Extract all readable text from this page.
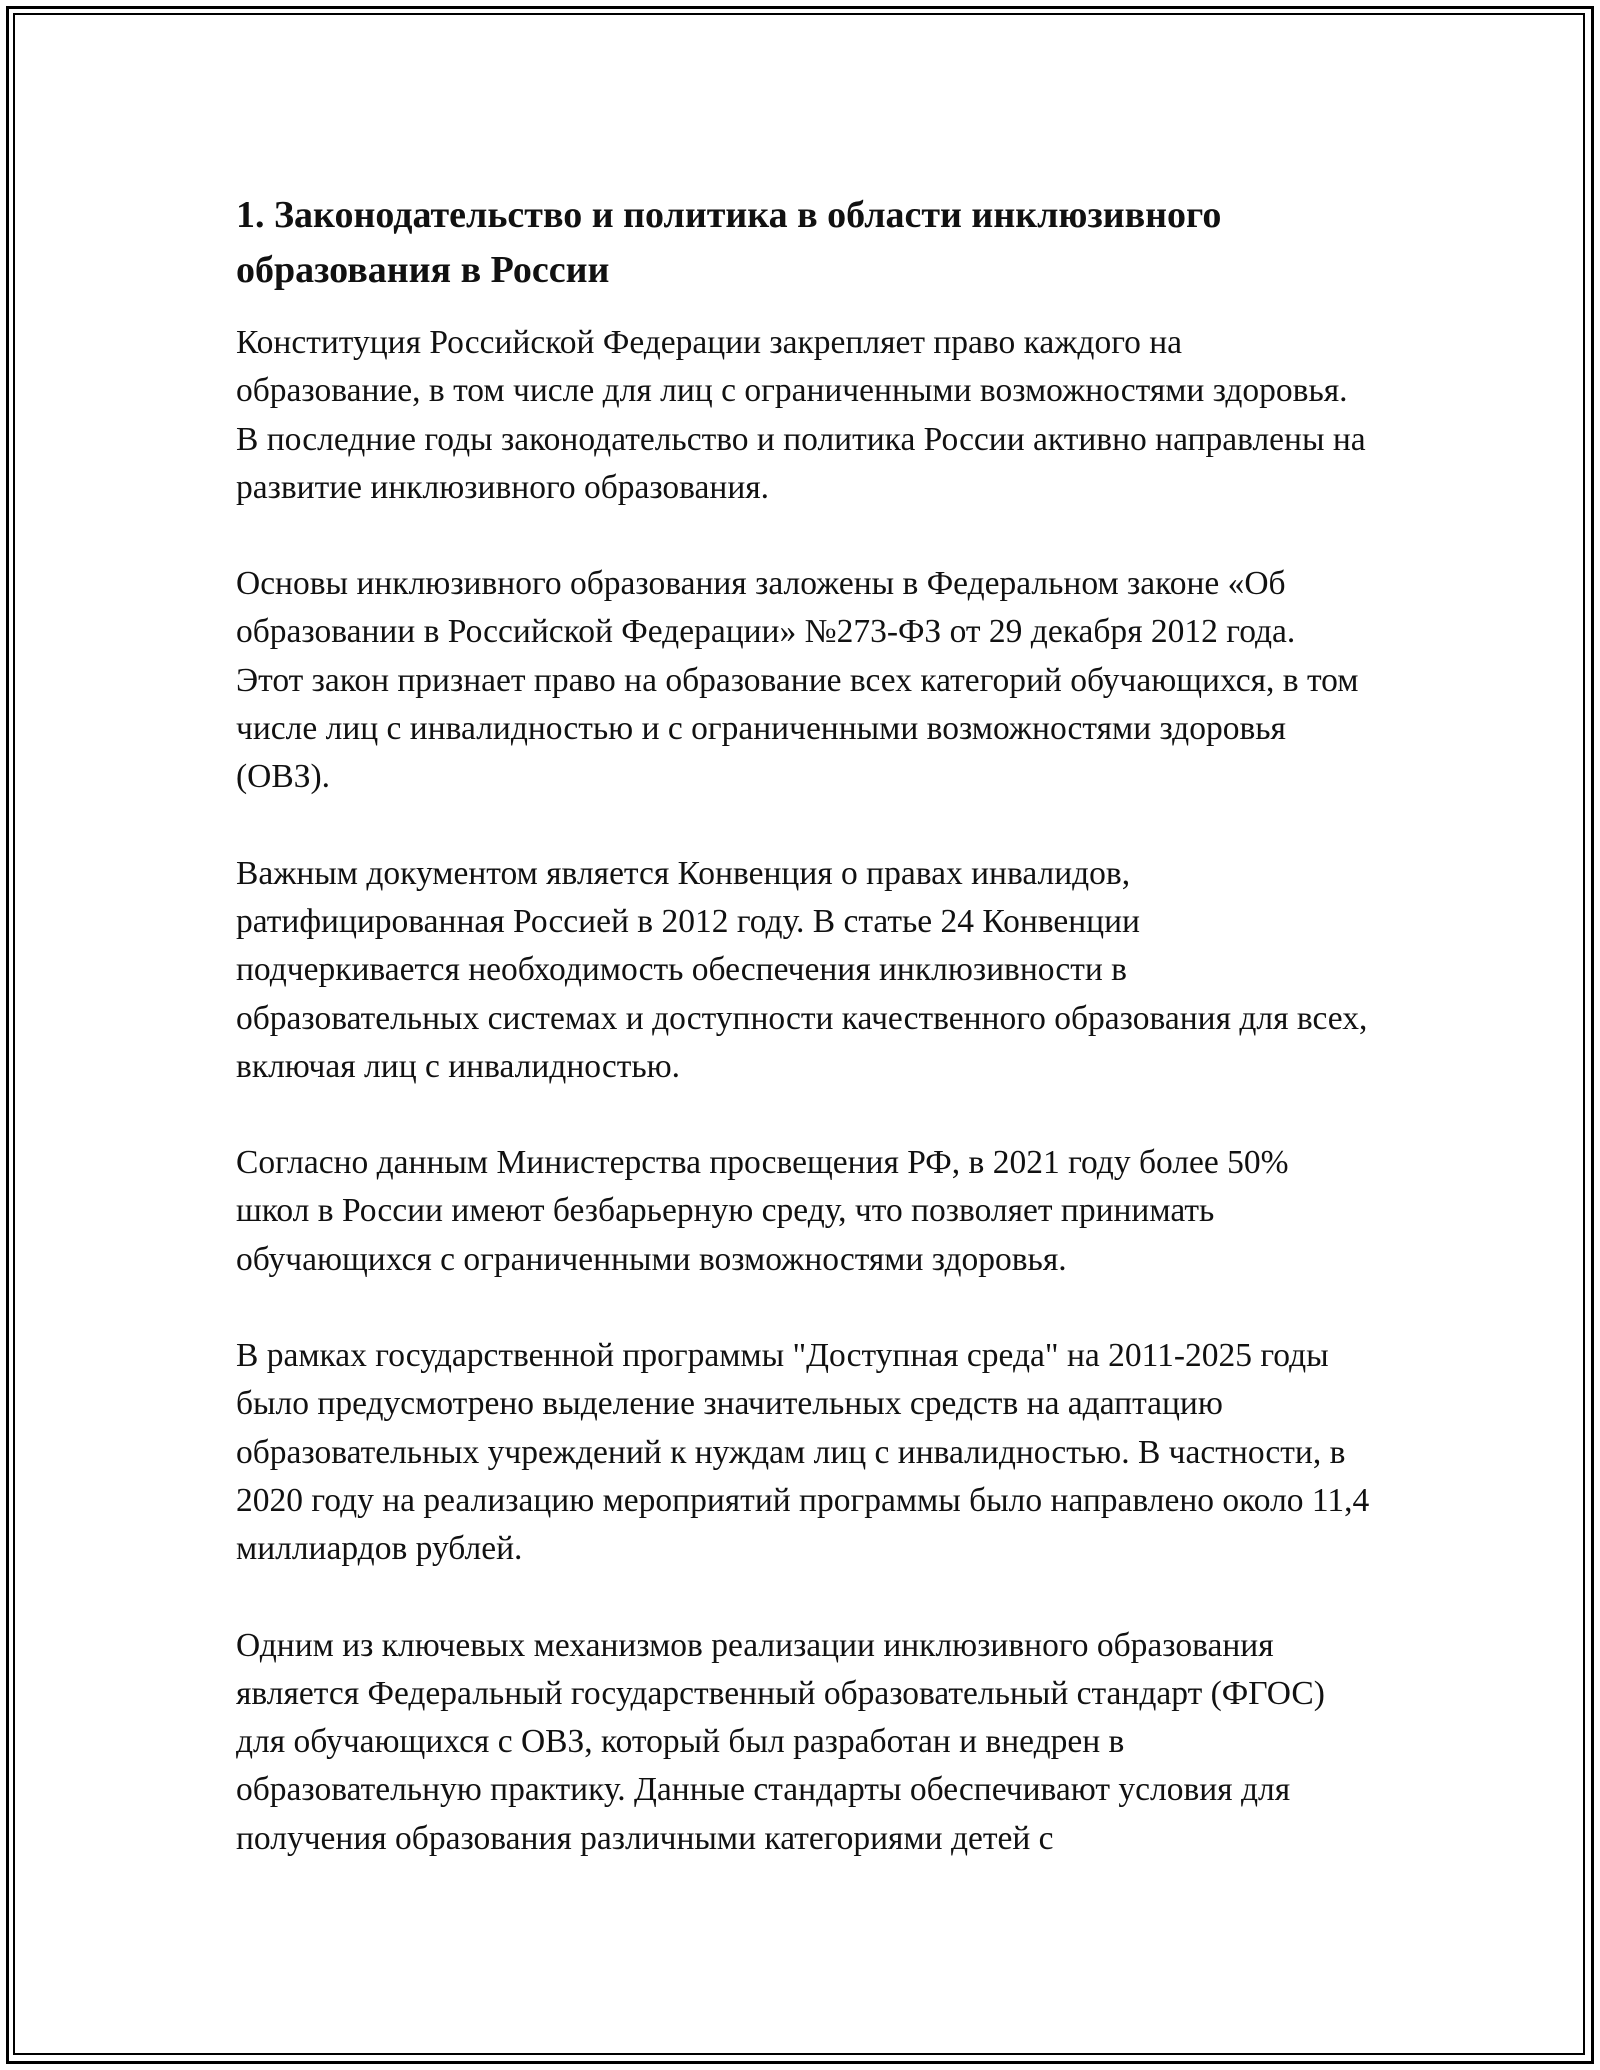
1. Законодательство и политика в области инклюзивного образования в России

Конституция Российской Федерации закрепляет право каждого на образование, в том числе для лиц с ограниченными возможностями здоровья. В последние годы законодательство и политика России активно направлены на развитие инклюзивного образования.

Основы инклюзивного образования заложены в Федеральном законе «Об образовании в Российской Федерации» №273-ФЗ от 29 декабря 2012 года. Этот закон признает право на образование всех категорий обучающихся, в том числе лиц с инвалидностью и с ограниченными возможностями здоровья (ОВЗ).

Важным документом является Конвенция о правах инвалидов, ратифицированная Россией в 2012 году. В статье 24 Конвенции подчеркивается необходимость обеспечения инклюзивности в образовательных системах и доступности качественного образования для всех, включая лиц с инвалидностью.

Согласно данным Министерства просвещения РФ, в 2021 году более 50% школ в России имеют безбарьерную среду, что позволяет принимать обучающихся с ограниченными возможностями здоровья.

В рамках государственной программы "Доступная среда" на 2011-2025 годы было предусмотрено выделение значительных средств на адаптацию образовательных учреждений к нуждам лиц с инвалидностью. В частности, в 2020 году на реализацию мероприятий программы было направлено около 11,4 миллиардов рублей.

Одним из ключевых механизмов реализации инклюзивного образования является Федеральный государственный образовательный стандарт (ФГОС) для обучающихся с ОВЗ, который был разработан и внедрен в образовательную практику. Данные стандарты обеспечивают условия для получения образования различными категориями детей с
